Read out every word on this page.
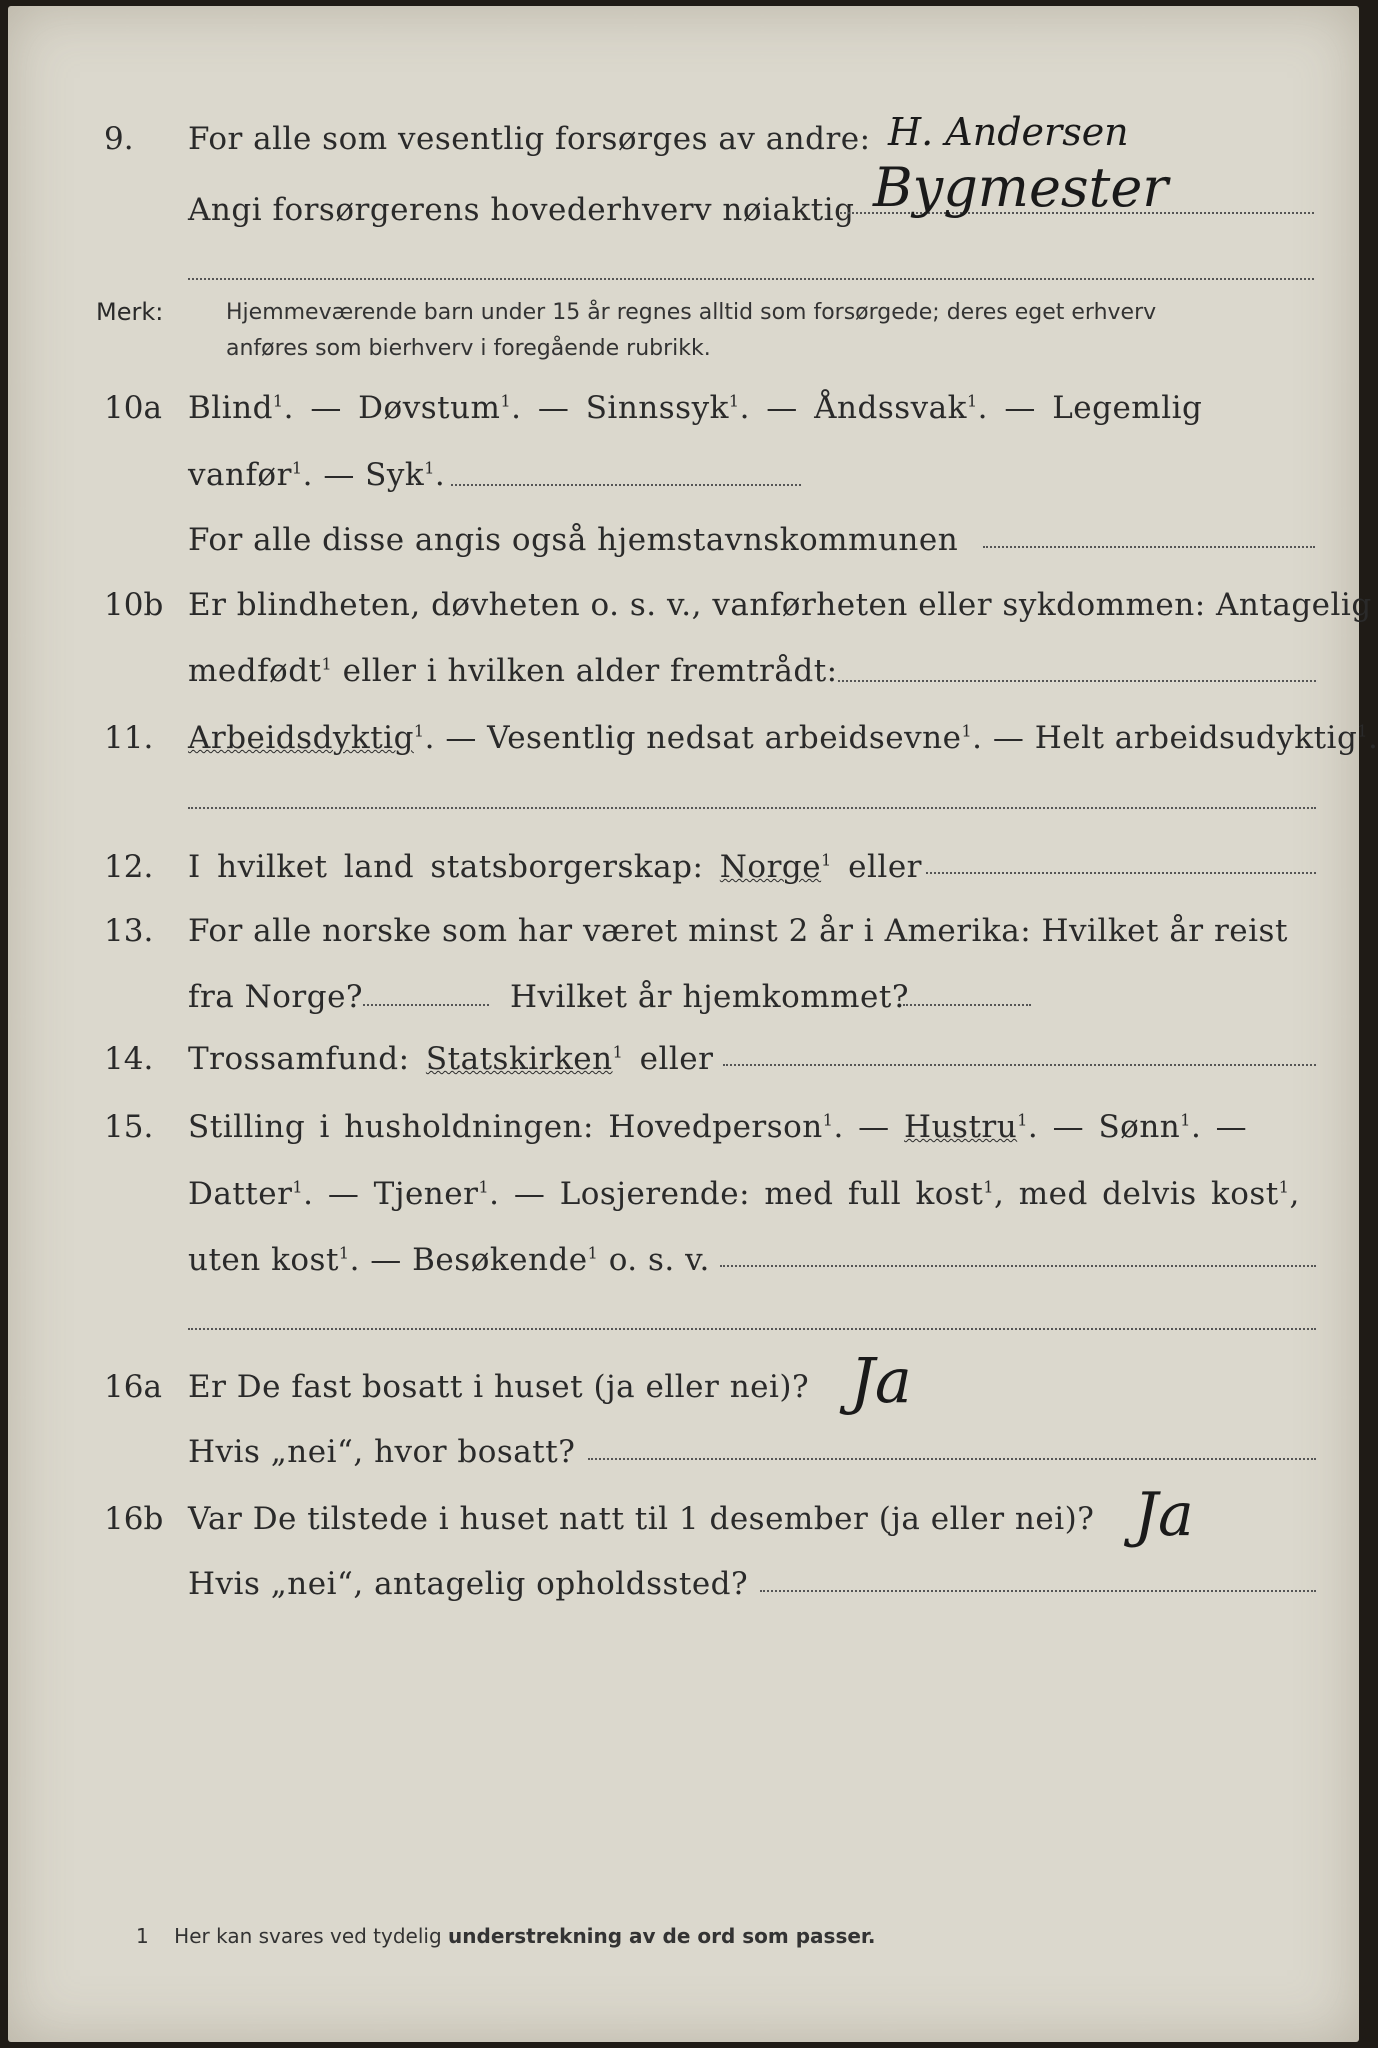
9. For alle som vesentlig forsørges av andre:
Angi forsørgerens hovederhverv nøiaktig
H. Andersen
Bygmester
Merk:	Hjemmeværende barn under 15 år regnes alltid som forsørgede; deres eget erhverv
anføres som bierhverv i foregående rubrikk.
10a Blind$^1$. — Døvstum$^1$. — Sinnssyk$^1$. — Åndssvak$^1$. — Legemlig
vanfør$^1$. — Syk$^1$.
For alle disse angis også hjemstavnskommunen
10b Er blindheten, døvheten o. s. v., vanførheten eller sykdommen: Antagelig
medfødt$^1$ eller i hvilken alder fremtrådt:
11. Arbeidsdyktig$^1$. — Vesentlig nedsat arbeidsevne$^1$. — Helt arbeidsudyktig$^1$.
12. I hvilket land statsborgerskap: Norge$^1$ eller
13. For alle norske som har været minst 2 år i Amerika: Hvilket år reist
fra Norge?	Hvilket år hjemkommet?
14. Trossamfund: Statskirken$^1$ eller
15. Stilling i husholdningen: Hovedperson$^1$. — Hustru$^1$. — Sønn$^1$. —
Datter$^1$. — Tjener$^1$. — Losjerende: med full kost$^1$, med delvis kost$^1$,
uten kost$^1$. — Besøkende$^1$ o. s. v.
16a Er De fast bosatt i huset (ja eller nei)? Ja
Hvis „nei“, hvor bosatt?
16b Var De tilstede i huset natt til 1 desember (ja eller nei)? Ja
Hvis „nei“, antagelig opholdssted?
1 Her kan svares ved tydelig understrekning av de ord som passer.
